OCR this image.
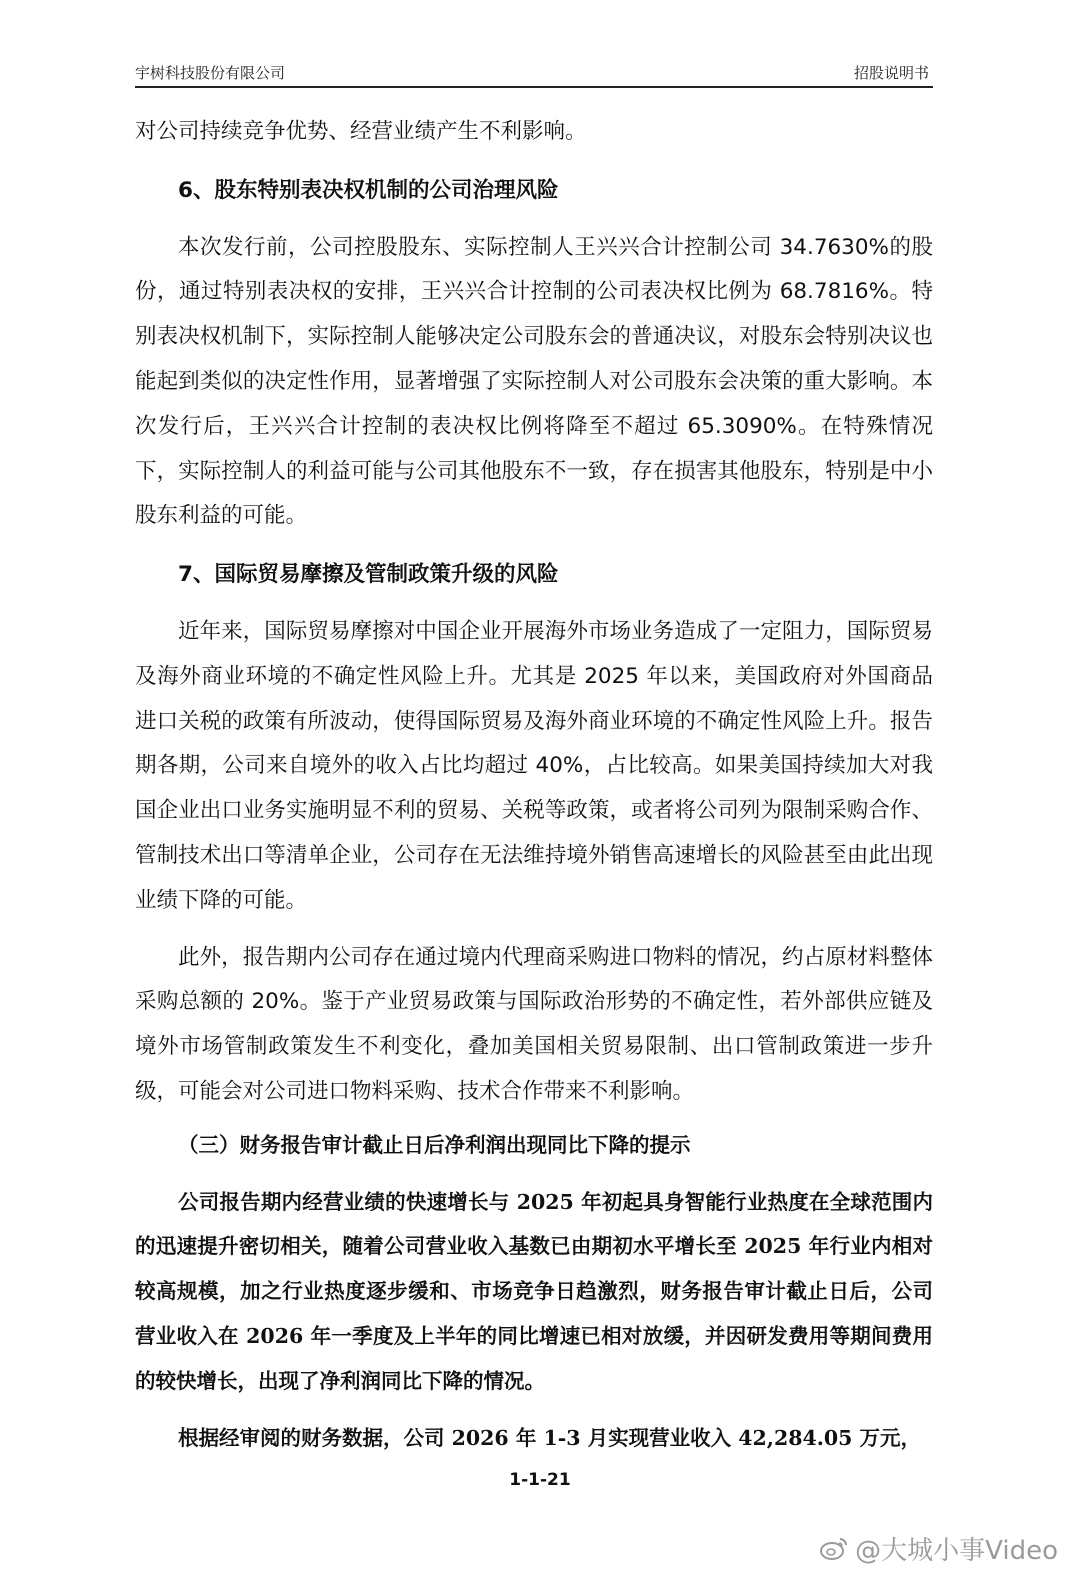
宇树科技股份有限公司	招股说明书

对公司持续竞争优势、经营业绩产生不利影响。

6、股东特别表决权机制的公司治理风险

本次发行前，公司控股股东、实际控制人王兴兴合计控制公司 34.7630%的股份，通过特别表决权的安排，王兴兴合计控制的公司表决权比例为 68.7816%。特别表决权机制下，实际控制人能够决定公司股东会的普通决议，对股东会特别决议也能起到类似的决定性作用，显著增强了实际控制人对公司股东会决策的重大影响。本次发行后，王兴兴合计控制的表决权比例将降至不超过 65.3090%。在特殊情况下，实际控制人的利益可能与公司其他股东不一致，存在损害其他股东，特别是中小股东利益的可能。

7、国际贸易摩擦及管制政策升级的风险

近年来，国际贸易摩擦对中国企业开展海外市场业务造成了一定阻力，国际贸易及海外商业环境的不确定性风险上升。尤其是 2025 年以来，美国政府对外国商品进口关税的政策有所波动，使得国际贸易及海外商业环境的不确定性风险上升。报告期各期，公司来自境外的收入占比均超过 40%，占比较高。如果美国持续加大对我国企业出口业务实施明显不利的贸易、关税等政策，或者将公司列为限制采购合作、管制技术出口等清单企业，公司存在无法维持境外销售高速增长的风险甚至由此出现业绩下降的可能。

此外，报告期内公司存在通过境内代理商采购进口物料的情况，约占原材料整体采购总额的 20%。鉴于产业贸易政策与国际政治形势的不确定性，若外部供应链及境外市场管制政策发生不利变化，叠加美国相关贸易限制、出口管制政策进一步升级，可能会对公司进口物料采购、技术合作带来不利影响。

（三）财务报告审计截止日后净利润出现同比下降的提示

公司报告期内经营业绩的快速增长与 2025 年初起具身智能行业热度在全球范围内的迅速提升密切相关，随着公司营业收入基数已由期初水平增长至 2025 年行业内相对较高规模，加之行业热度逐步缓和、市场竞争日趋激烈，财务报告审计截止日后，公司营业收入在 2026 年一季度及上半年的同比增速已相对放缓，并因研发费用等期间费用的较快增长，出现了净利润同比下降的情况。

根据经审阅的财务数据，公司 2026 年 1-3 月实现营业收入 42,284.05 万元，

1-1-21
@大城小事Video
